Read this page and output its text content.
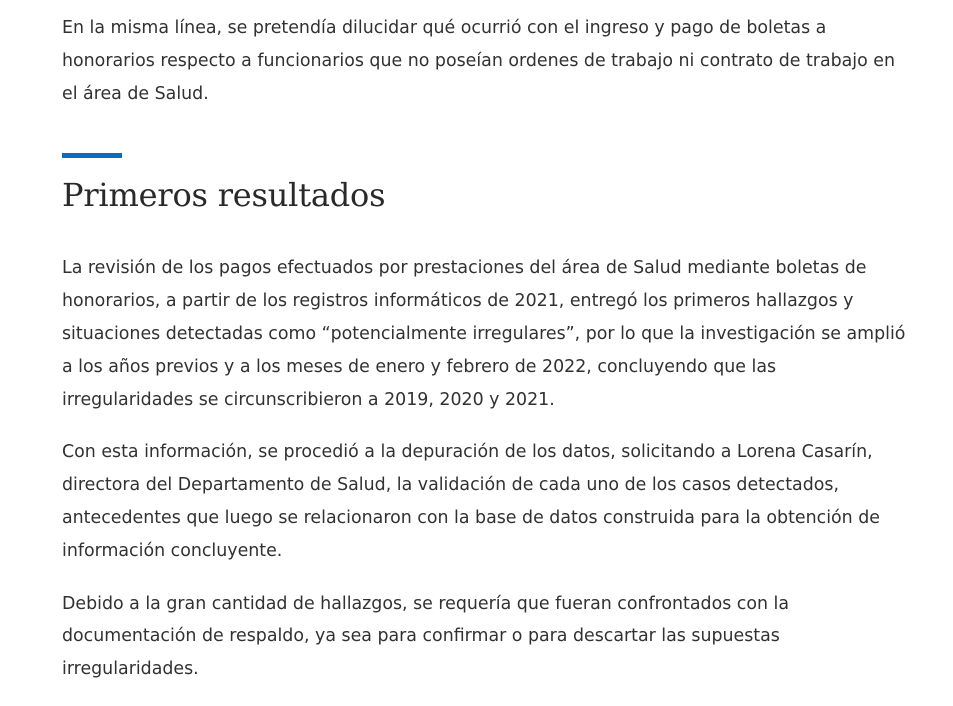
En la misma línea, se pretendía dilucidar qué ocurrió con el ingreso y pago de boletas a honorarios respecto a funcionarios que no poseían ordenes de trabajo ni contrato de trabajo en el área de Salud.

Primeros resultados

La revisión de los pagos efectuados por prestaciones del área de Salud mediante boletas de honorarios, a partir de los registros informáticos de 2021, entregó los primeros hallazgos y situaciones detectadas como “potencialmente irregulares”, por lo que la investigación se amplió a los años previos y a los meses de enero y febrero de 2022, concluyendo que las irregularidades se circunscribieron a 2019, 2020 y 2021.

Con esta información, se procedió a la depuración de los datos, solicitando a Lorena Casarín, directora del Departamento de Salud, la validación de cada uno de los casos detectados, antecedentes que luego se relacionaron con la base de datos construida para la obtención de información concluyente.

Debido a la gran cantidad de hallazgos, se requería que fueran confrontados con la documentación de respaldo, ya sea para confirmar o para descartar las supuestas irregularidades.
